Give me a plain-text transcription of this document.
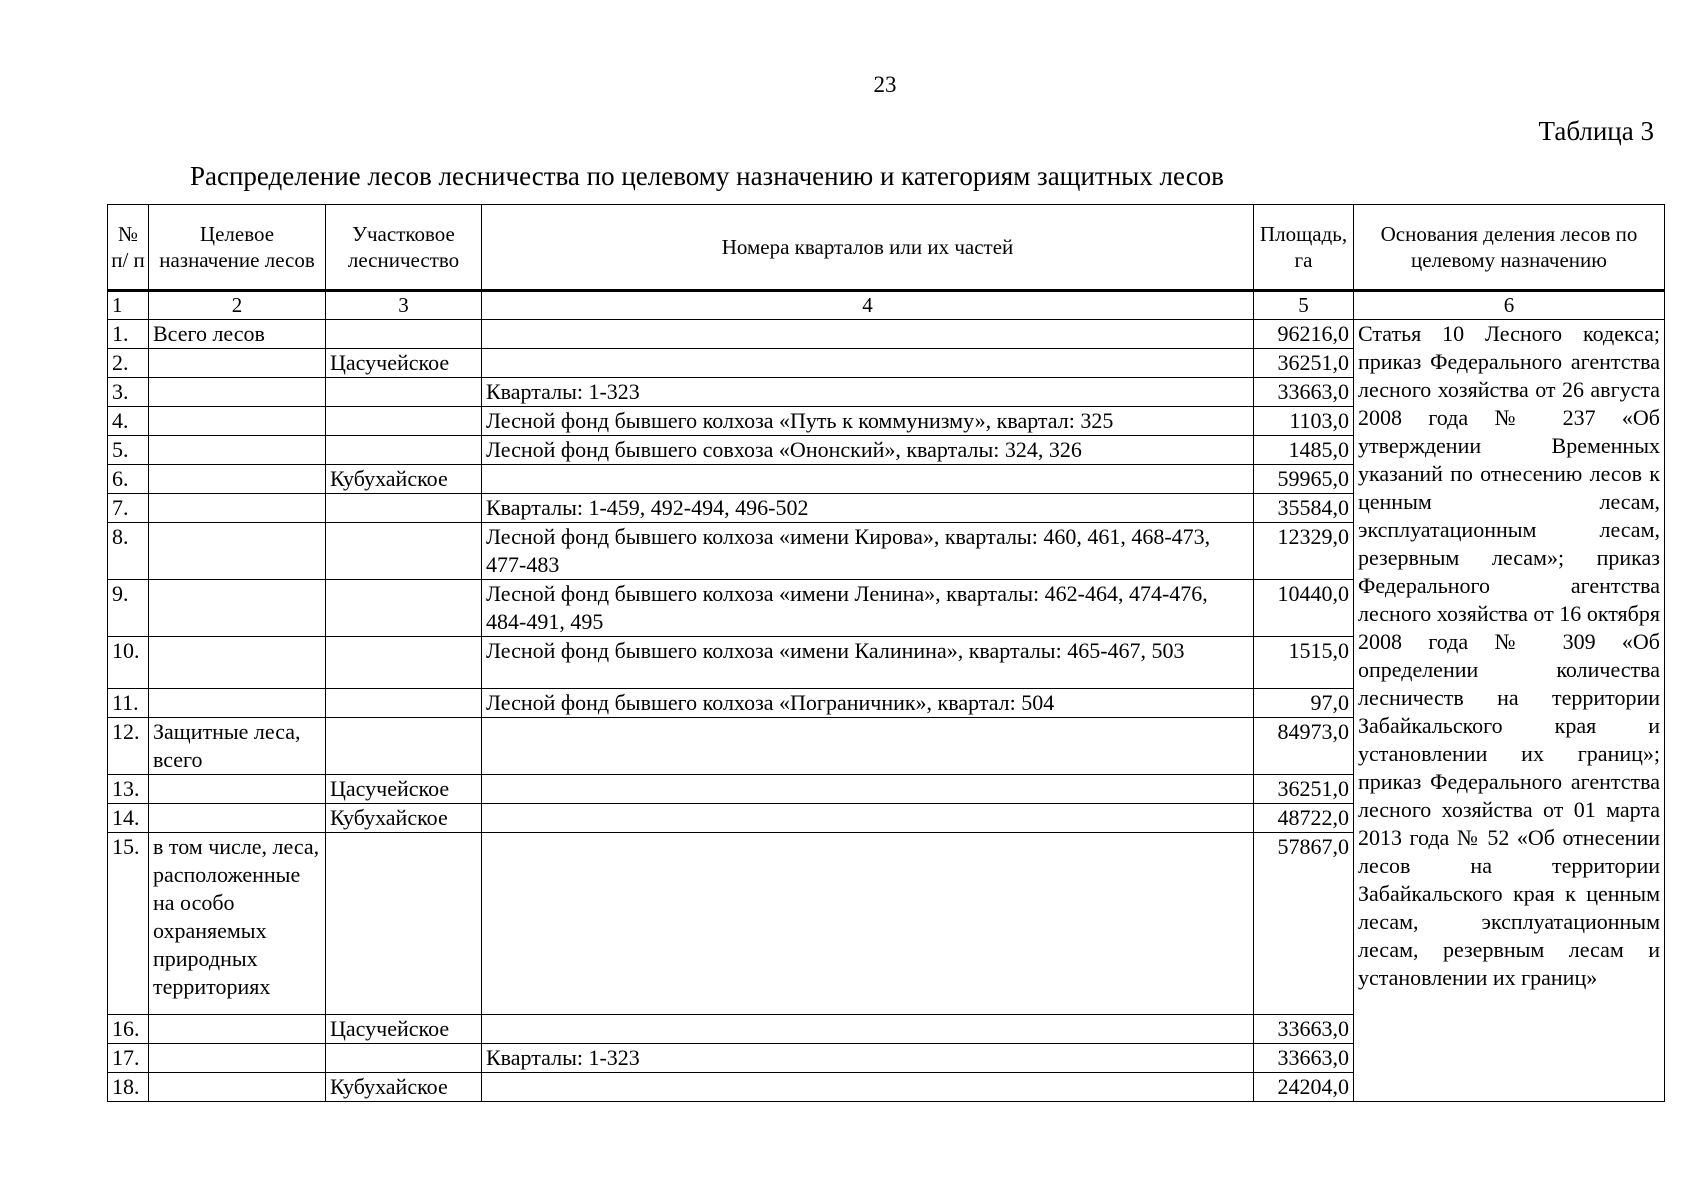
23
Таблица 3
Распределение лесов лесничества по целевому назначению и категориям защитных лесов
№ п/ п	Целевое назначение лесов	Участковое лесничество	Номера кварталов или их частей	Площадь, га	Основания деления лесов по целевому назначению
1	2	3	4	5	6
1.	Всего лесов			96216,0	Статья 10 Лесного кодекса; приказ Федерального агентства лесного хозяйства от 26 августа 2008 года № 237 «Об утверждении Временных указаний по отнесению лесов к ценным лесам, эксплуатационным лесам, резервным лесам»; приказ Федерального агентства лесного хозяйства от 16 октября 2008 года № 309 «Об определении количества лесничеств на территории Забайкальского края и установлении их границ»; приказ Федерального агентства лесного хозяйства от 01 марта 2013 года № 52 «Об отнесении лесов на территории Забайкальского края к ценным лесам, эксплуатационным лесам, резервным лесам и установлении их границ»
2.		Цасучейское		36251,0	
3.			Кварталы: 1-323	33663,0	
4.			Лесной фонд бывшего колхоза «Путь к коммунизму», квартал: 325	1103,0	
5.			Лесной фонд бывшего совхоза «Ононский», кварталы: 324, 326	1485,0	
6.		Кубухайское		59965,0	
7.			Кварталы: 1-459, 492-494, 496-502	35584,0	
8.			Лесной фонд бывшего колхоза «имени Кирова», кварталы: 460, 461, 468-473, 477-483	12329,0	
9.			Лесной фонд бывшего колхоза «имени Ленина», кварталы: 462-464, 474-476, 484-491, 495	10440,0	
10.			Лесной фонд бывшего колхоза «имени Калинина», кварталы: 465-467, 503	1515,0	
11.			Лесной фонд бывшего колхоза «Пограничник», квартал: 504	97,0	
12.	Защитные леса, всего			84973,0	
13.		Цасучейское		36251,0	
14.		Кубухайское		48722,0	
15.	в том числе, леса, расположенные на особо охраняемых природных территориях			57867,0	
16.		Цасучейское		33663,0	
17.			Кварталы: 1-323	33663,0	
18.		Кубухайское		24204,0	
